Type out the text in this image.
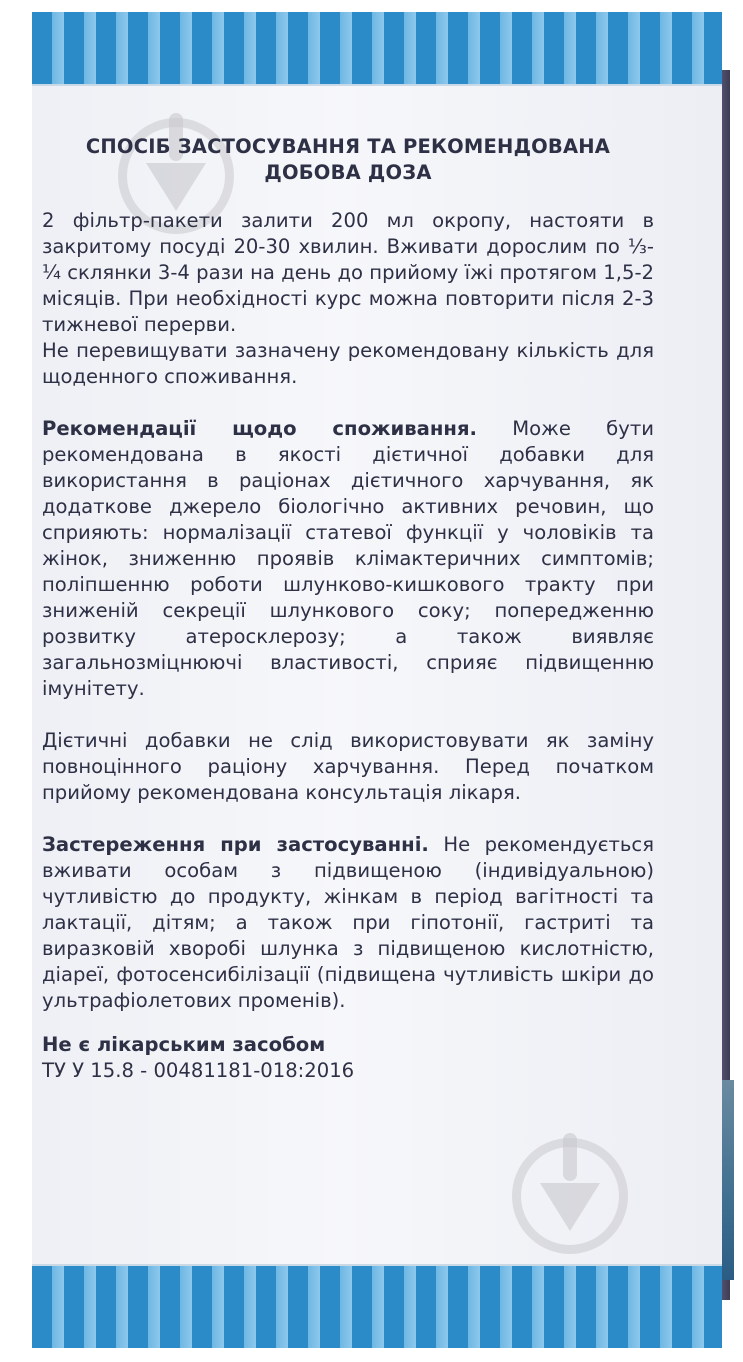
СПОСІБ ЗАСТОСУВАННЯ ТА РЕКОМЕНДОВАНА ДОБОВА ДОЗА

2 фільтр-пакети залити 200 мл окропу, настояти в закритому посуді 20-30 хвилин. Вживати дорослим по ⅓-¼ склянки 3-4 рази на день до прийому їжі протягом 1,5-2 місяців. При необхідності курс можна повторити після 2-3 тижневої перерви.

Не перевищувати зазначену рекомендовану кількість для щоденного споживання.

Рекомендації щодо споживання. Може бути рекомендована в якості дієтичної добавки для використання в раціонах дієтичного харчування, як додаткове джерело біологічно активних речовин, що сприяють: нормалізації статевої функції у чоловіків та жінок, зниженню проявів клімактеричних симптомів; поліпшенню роботи шлунково-кишкового тракту при зниженій секреції шлункового соку; попередженню розвитку атеросклерозу; а також виявляє загальнозміцнюючі властивості, сприяє підвищенню імунітету.

Дієтичні добавки не слід використовувати як заміну повноцінного раціону харчування. Перед початком прийому рекомендована консультація лікаря.

Застереження при застосуванні. Не рекомендується вживати особам з підвищеною (індивідуальною) чутливістю до продукту, жінкам в період вагітності та лактації, дітям; а також при гіпотонії, гастриті та виразковій хворобі шлунка з підвищеною кислотністю, діареї, фотосенсибілізації (підвищена чутливість шкіри до ультрафіолетових променів).

Не є лікарським засобом

ТУ У 15.8 - 00481181-018:2016
